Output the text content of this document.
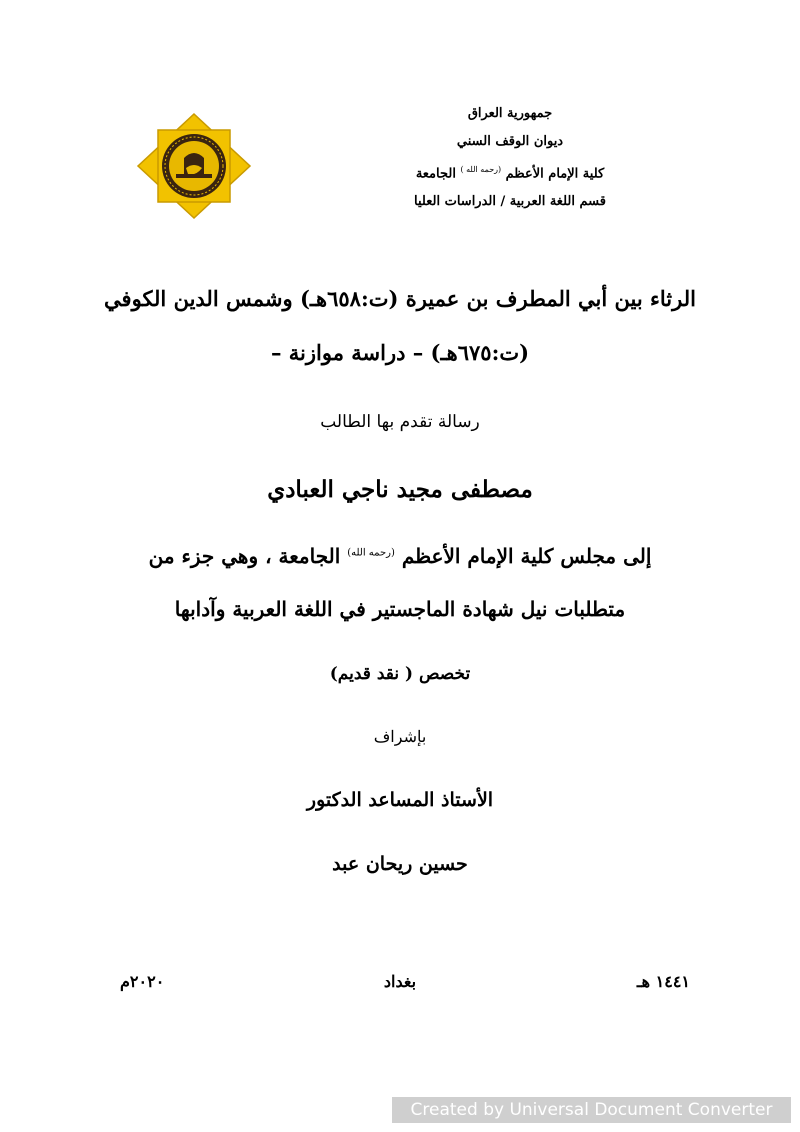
جمهورية العراق
ديوان الوقف السني
كلية الإمام الأعظم $^{(رحمه الله )}$ الجامعة
قسم اللغة العربية / الدراسات العليا
الرثاء بين أبي المطرف بن عميرة (ت:٦٥٨هـ) وشمس الدين الكوفي
(ت:٦٧٥هـ) – دراسة موازنة –
رسالة تقدم بها الطالب
مصطفى مجيد ناجي العبادي
إلى مجلس كلية الإمام الأعظم $^{(رحمه الله)}$ الجامعة ، وهي جزء من
متطلبات نيل شهادة الماجستير في اللغة العربية وآدابها
تخصص ( نقد قديم)
بإشراف
الأستاذ المساعد الدكتور
حسين ريحان عبد
١٤٤١ هـ
بغداد
٢٠٢٠م
Created by Universal Document Converter
